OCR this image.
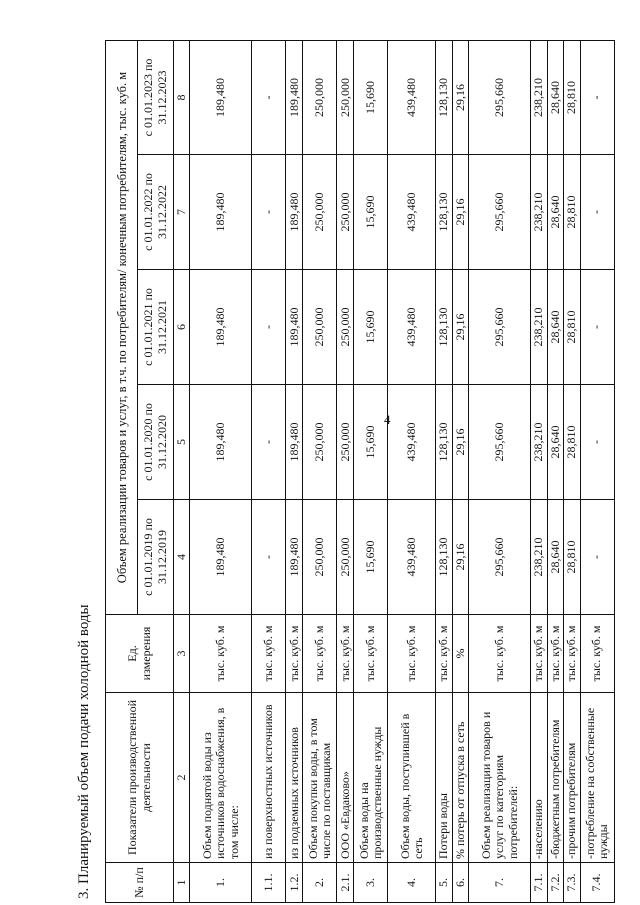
4
3. Планируемый объем подачи холодной воды	№ п/п	Показатели производственной деятельности	Ед. измерения	Объем реализации товаров и услуг, в т.ч. по потребителям/ конечным потребителям, тыс. куб. м				
			с 01.01.2019 по 31.12.2019	с 01.01.2020 по 31.12.2020	с 01.01.2021 по 31.12.2021	с 01.01.2022 по 31.12.2022	с 01.01.2023 по 31.12.2023
1	2	3	4	5	6	7	8
1.	Объем поднятой воды из источников водоснабжения, в том числе:	тыс. куб. м	189,480	189,480	189,480	189,480	189,480
1.1.	из поверхностных источников	тыс. куб. м	-	-	-	-	-
1.2.	из подземных источников	тыс. куб. м	189,480	189,480	189,480	189,480	189,480
2.	Объем покупки воды, в том числе по поставщикам	тыс. куб. м	250,000	250,000	250,000	250,000	250,000
2.1.	ООО «Евдаково»	тыс. куб. м	250,000	250,000	250,000	250,000	250,000
3.	Объем воды на производственные нужды	тыс. куб. м	15,690	15,690	15,690	15,690	15,690
4.	Объем воды, поступившей в сеть	тыс. куб. м	439,480	439,480	439,480	439,480	439,480
5.	Потери воды	тыс. куб. м	128,130	128,130	128,130	128,130	128,130
6.	% потерь от отпуска в сеть	%	29,16	29,16	29,16	29,16	29,16
7.	Объем реализации товаров и услуг по категориям потребителей:	тыс. куб. м	295,660	295,660	295,660	295,660	295,660
7.1.	-населению	тыс. куб. м	238,210	238,210	238,210	238,210	238,210
7.2.	-бюджетным потребителям	тыс. куб. м	28,640	28,640	28,640	28,640	28,640
7.3.	-прочим потребителям	тыс. куб. м	28,810	28,810	28,810	28,810	28,810
7.4.	-потребление на собственные нужды	тыс. куб. м	-	-	-	-	-
